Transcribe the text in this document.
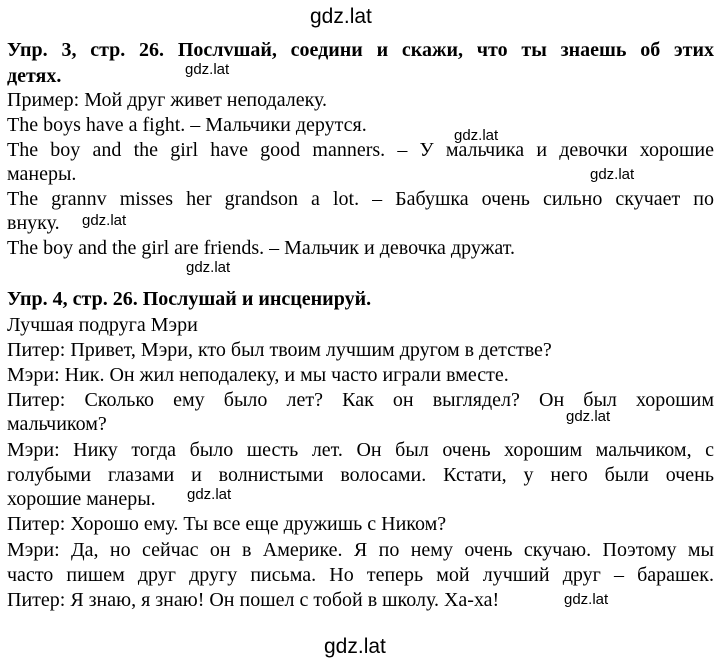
gdz.lat
gdz.lat
gdz.lat
gdz.lat
gdz.lat
gdz.lat
gdz.lat
gdz.lat
gdz.lat
gdz.lat
Упр. 3, стр. 26. Послvшай, соедини и скажи, что ты знаешь об этих
детях.
Пример: Мой друг живет неподалеку.
The boys have a fight. – Мальчики дерутся.
The boy and the girl have good manners. – У мальчика и девочки хорошие
манеры.
The grannv misses her grandson a lot. – Бабушка очень сильно скучает по
внуку.
The boy and the girl are friends. – Мальчик и девочка дружат.
Упр. 4, стр. 26. Послушай и инсценируй.
Лучшая подруга Мэри
Питер: Привет, Мэри, кто был твоим лучшим другом в детстве?
Мэри: Ник. Он жил неподалеку, и мы часто играли вместе.
Питер: Сколько ему было лет? Как он выглядел? Он был хорошим
мальчиком?
Мэри: Нику тогда было шесть лет. Он был очень хорошим мальчиком, с
голубыми глазами и волнистыми волосами. Кстати, у него были очень
хорошие манеры.
Питер: Хорошо ему. Ты все еще дружишь с Ником?
Мэри: Да, но сейчас он в Америке. Я по нему очень скучаю. Поэтому мы
часто пишем друг другу письма. Но теперь мой лучший друг – барашек.
Питер: Я знаю, я знаю! Он пошел с тобой в школу. Ха-ха!
